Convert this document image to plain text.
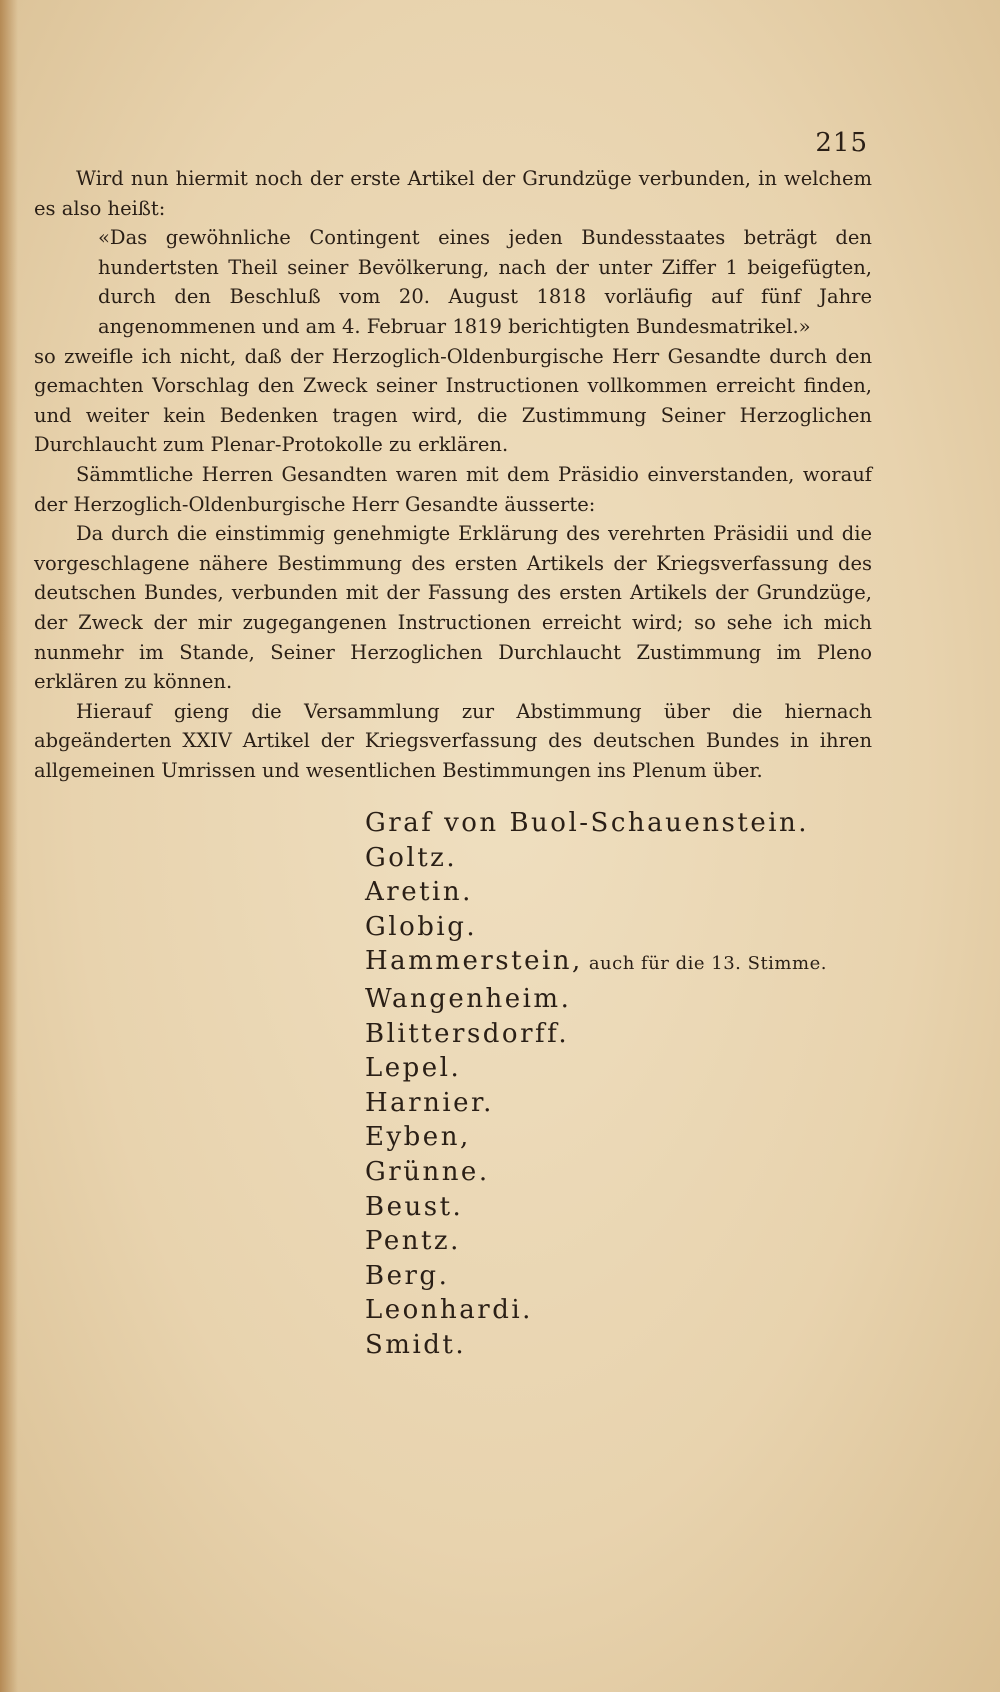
215

Wird nun hiermit noch der erste Artikel der Grundzüge verbunden, in welchem es also heißt:

«Das gewöhnliche Contingent eines jeden Bundesstaates beträgt den hundertsten Theil seiner Bevölkerung, nach der unter Ziffer 1 beigefügten, durch den Beschluß vom 20. August 1818 vorläufig auf fünf Jahre angenommenen und am 4. Februar 1819 berichtigten Bundesmatrikel.»

so zweifle ich nicht, daß der Herzoglich-Oldenburgische Herr Gesandte durch den gemachten Vorschlag den Zweck seiner Instructionen vollkommen erreicht finden, und weiter kein Bedenken tragen wird, die Zustimmung Seiner Herzoglichen Durchlaucht zum Plenar-Protokolle zu erklären.

Sämmtliche Herren Gesandten waren mit dem Präsidio einverstanden, worauf der Herzoglich-Oldenburgische Herr Gesandte äusserte:

Da durch die einstimmig genehmigte Erklärung des verehrten Präsidii und die vorgeschlagene nähere Bestimmung des ersten Artikels der Kriegsverfassung des deutschen Bundes, verbunden mit der Fassung des ersten Artikels der Grundzüge, der Zweck der mir zugegangenen Instructionen erreicht wird; so sehe ich mich nunmehr im Stande, Seiner Herzoglichen Durchlaucht Zustimmung im Pleno erklären zu können.

Hierauf gieng die Versammlung zur Abstimmung über die hiernach abgeänderten XXIV Artikel der Kriegsverfassung des deutschen Bundes in ihren allgemeinen Umrissen und wesentlichen Bestimmungen ins Plenum über.

Graf von Buol-Schauenstein.
Goltz.
Aretin.
Globig.
Hammerstein, auch für die 13. Stimme.
Wangenheim.
Blittersdorff.
Lepel.
Harnier.
Eyben,
Grünne.
Beust.
Pentz.
Berg.
Leonhardi.
Smidt.
